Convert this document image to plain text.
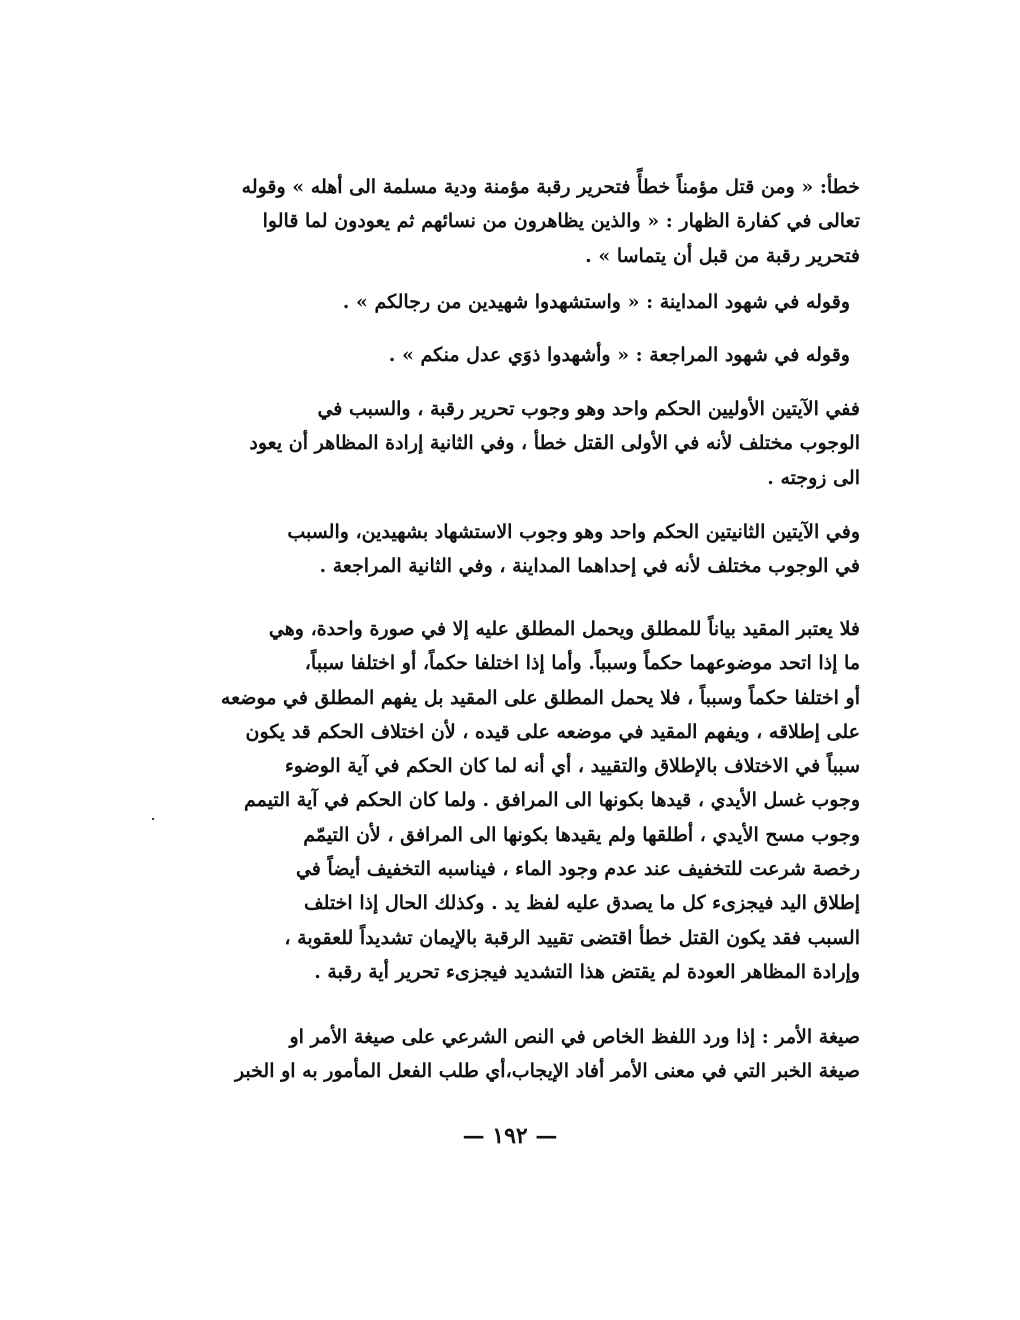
خطأ: « ومن قتل مؤمناً خطأً فتحرير رقبة مؤمنة ودية مسلمة الى أهله » وقوله
تعالى في كفارة الظهار : « والذين يظاهرون من نسائهم ثم يعودون لما قالوا
فتحرير رقبة من قبل أن يتماسا » .
وقوله في شهود المداينة : « واستشهدوا شهيدين من رجالكم » .
وقوله في شهود المراجعة : « وأشهدوا ذوَي عدل منكم » .
ففي الآيتين الأوليين الحكم واحد وهو وجوب تحرير رقبة ، والسبب في
الوجوب مختلف لأنه في الأولى القتل خطأ ، وفي الثانية إرادة المظاهر أن يعود
الى زوجته .
وفي الآيتين الثانيتين الحكم واحد وهو وجوب الاستشهاد بشهيدين، والسبب
في الوجوب مختلف لأنه في إحداهما المداينة ، وفي الثانية المراجعة .
فلا يعتبر المقيد بياناً للمطلق ويحمل المطلق عليه إلا في صورة واحدة، وهي
ما إذا اتحد موضوعهما حكماً وسبباً. وأما إذا اختلفا حكماً، أو اختلفا سبباً،
أو اختلفا حكماً وسبباً ، فلا يحمل المطلق على المقيد بل يفهم المطلق في موضعه
على إطلاقه ، ويفهم المقيد في موضعه على قيده ، لأن اختلاف الحكم قد يكون
سبباً في الاختلاف بالإطلاق والتقييد ، أي أنه لما كان الحكم في آية الوضوء
وجوب غسل الأيدي ، قيدها بكونها الى المرافق . ولما كان الحكم في آية التيمم
وجوب مسح الأيدي ، أطلقها ولم يقيدها بكونها الى المرافق ، لأن التيمّم
رخصة شرعت للتخفيف عند عدم وجود الماء ، فيناسبه التخفيف أيضاً في
إطلاق اليد فيجزىء كل ما يصدق عليه لفظ يد . وكذلك الحال إذا اختلف
السبب فقد يكون القتل خطأ اقتضى تقييد الرقبة بالإيمان تشديداً للعقوبة ،
وإرادة المظاهر العودة لم يقتض هذا التشديد فيجزىء تحرير أية رقبة .
صيغة الأمر : إذا ورد اللفظ الخاص في النص الشرعي على صيغة الأمر او
صيغة الخبر التي في معنى الأمر أفاد الإيجاب،أي طلب الفعل المأمور به او الخبر
— ١٩٢ —
